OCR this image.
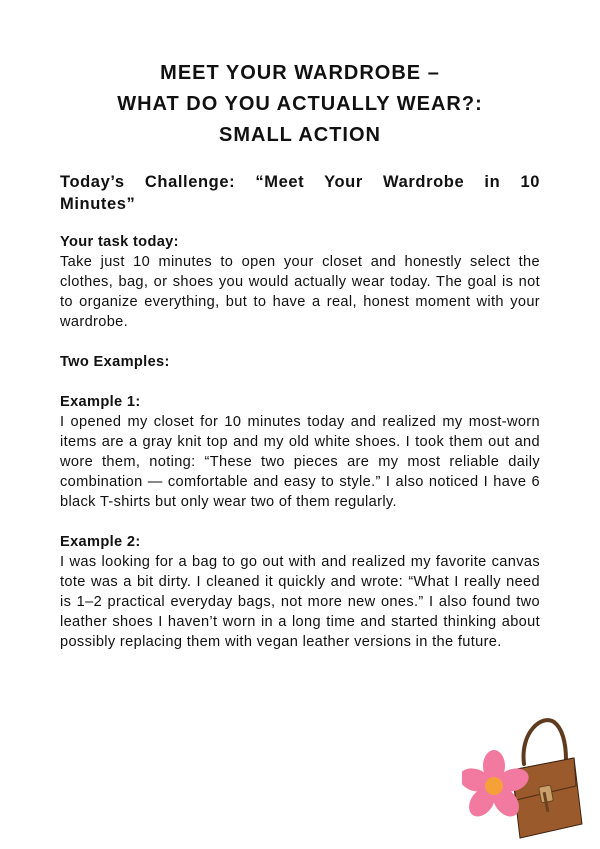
MEET YOUR WARDROBE –
WHAT DO YOU ACTUALLY WEAR?:
SMALL ACTION

Today’s Challenge: “Meet Your Wardrobe in 10 Minutes”

Your task today:

Take just 10 minutes to open your closet and honestly select the clothes, bag, or shoes you would actually wear today. The goal is not to organize everything, but to have a real, honest moment with your wardrobe.

Two Examples:

Example 1:

I opened my closet for 10 minutes today and realized my most-worn items are a gray knit top and my old white shoes. I took them out and wore them, noting: “These two pieces are my most reliable daily combination — comfortable and easy to style.” I also noticed I have 6 black T-shirts but only wear two of them regularly.

Example 2:

I was looking for a bag to go out with and realized my favorite canvas tote was a bit dirty. I cleaned it quickly and wrote: “What I really need is 1–2 practical everyday bags, not more new ones.” I also found two leather shoes I haven’t worn in a long time and started thinking about possibly replacing them with vegan leather versions in the future.
